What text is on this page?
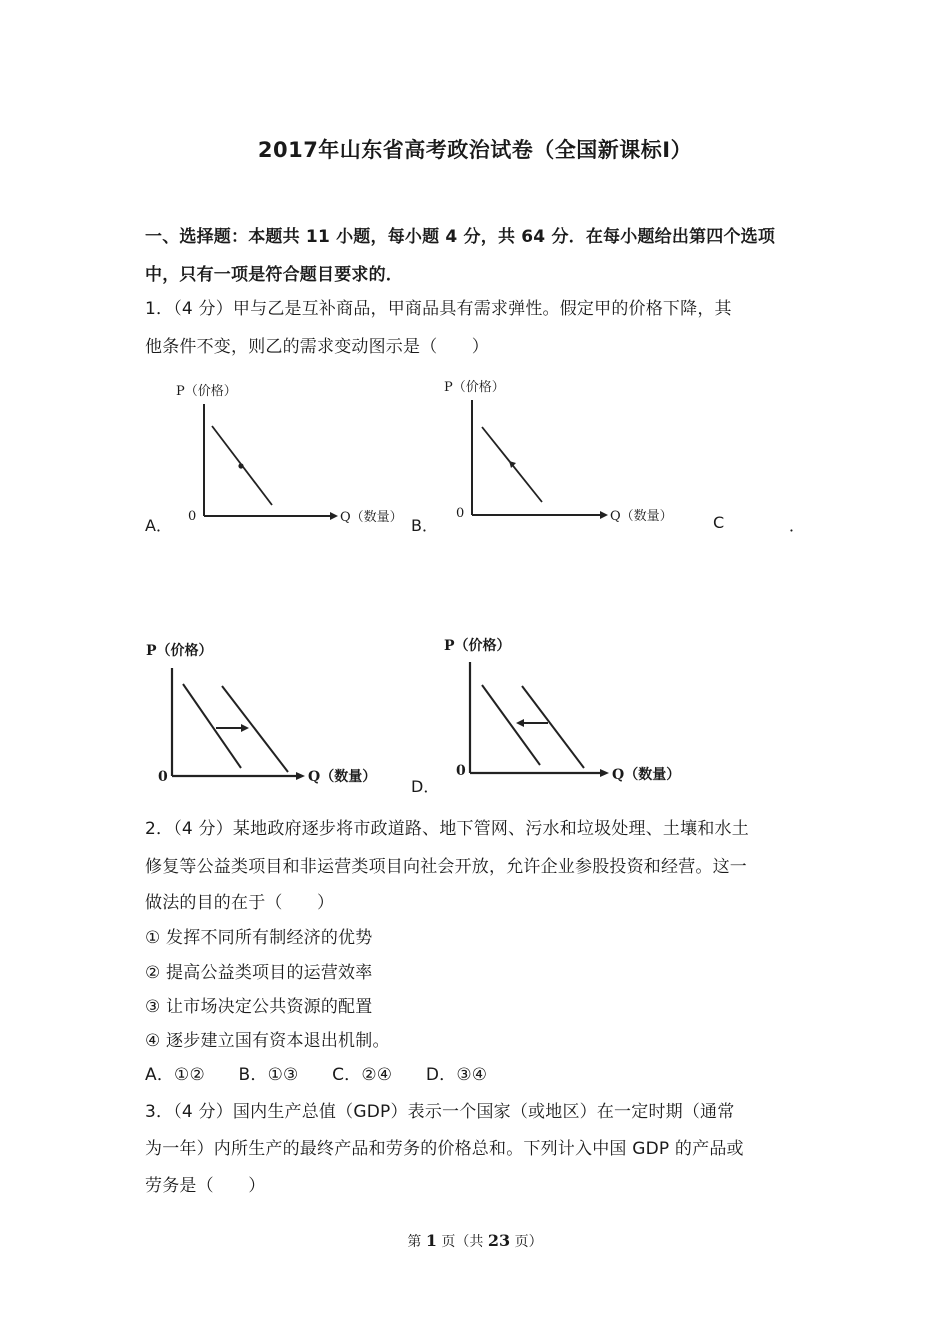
2017年山东省高考政治试卷（全国新课标Ⅰ）
一、选择题：本题共 11 小题，每小题 4 分，共 64 分．在每小题给出第四个选项
中，只有一项是符合题目要求的．
1．（4 分）甲与乙是互补商品，甲商品具有需求弹性。假定甲的价格下降，其
他条件不变，则乙的需求变动图示是（　　）
P（价格）
0	Q（数量）
A．
P（价格）
0	Q（数量）
B．	C	．
P（价格）
0	Q（数量）
P（价格）
0	Q（数量）
D．
2．（4 分）某地政府逐步将市政道路、地下管网、污水和垃圾处理、土壤和水土
修复等公益类项目和非运营类项目向社会开放，允许企业参股投资和经营。这一
做法的目的在于（　　）
① 发挥不同所有制经济的优势
② 提高公益类项目的运营效率
③ 让市场决定公共资源的配置
④ 逐步建立国有资本退出机制。
A．①② B．①③ C．②④ D．③④
3．（4 分）国内生产总值（GDP）表示一个国家（或地区）在一定时期（通常
为一年）内所生产的最终产品和劳务的价格总和。下列计入中国 GDP 的产品或
劳务是（　　）
第 1 页（共 23 页）
